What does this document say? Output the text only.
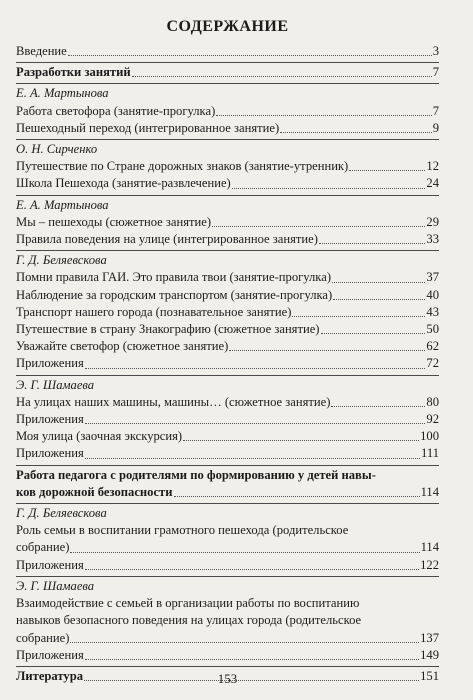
СОДЕРЖАНИЕ
Введение	3
Разработки занятий	7
Е. А. Мартынова
Работа светофора (занятие-прогулка)	7
Пешеходный переход (интегрированное занятие)	9
О. Н. Сирченко
Путешествие по Стране дорожных знаков (занятие-утренник)	12
Школа Пешехода (занятие-развлечение)	24
Е. А. Мартынова
Мы – пешеходы (сюжетное занятие)	29
Правила поведения на улице (интегрированное занятие)	33
Г. Д. Беляевскова
Помни правила ГАИ. Это правила твои (занятие-прогулка)	37
Наблюдение за городским транспортом (занятие-прогулка)	40
Транспорт нашего города (познавательное занятие)	43
Путешествие в страну Знакографию (сюжетное занятие)	50
Уважайте светофор (сюжетное занятие)	62
Приложения	72
Э. Г. Шамаева
На улицах наших машины, машины… (сюжетное занятие)	80
Приложения	92
Моя улица (заочная экскурсия)	100
Приложения	111
Работа педагога с родителями по формированию у детей навы-
ков дорожной безопасности	114
Г. Д. Беляевскова
Роль семьи в воспитании грамотного пешехода (родительское
собрание)	114
Приложения	122
Э. Г. Шамаева
Взаимодействие с семьей в организации работы по воспитанию
навыков безопасного поведения на улицах города (родительское
собрание)	137
Приложения	149
Литература	151
153
